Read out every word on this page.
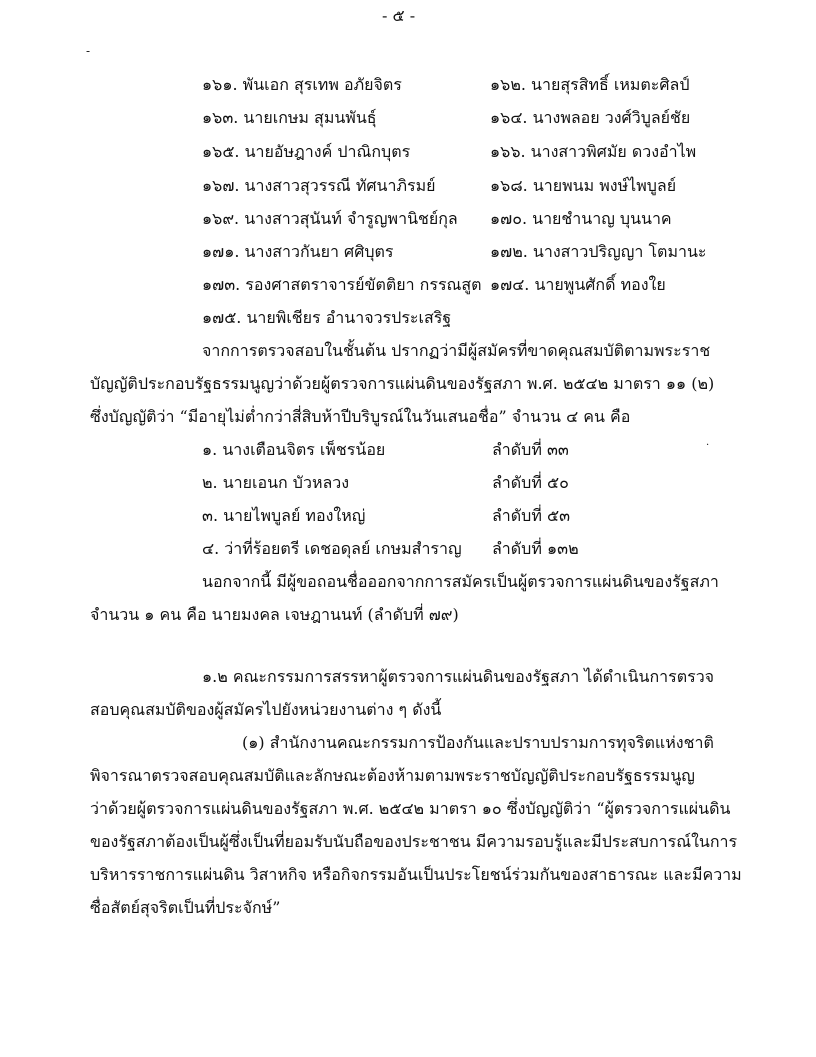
- ๕ -
-
.
๑๖๑. พันเอก สุรเทพ อภัยจิตร	๑๖๒. นายสุรสิทธิ์ เหมตะศิลป์
๑๖๓. นายเกษม สุมนพันธุ์	๑๖๔. นางพลอย วงศ์วิบูลย์ชัย
๑๖๕. นายอัษฎางค์ ปาณิกบุตร	๑๖๖. นางสาวพิศมัย ดวงอำไพ
๑๖๗. นางสาวสุวรรณี ทัศนาภิรมย์	๑๖๘. นายพนม พงษ์ไพบูลย์
๑๖๙. นางสาวสุนันท์ จำรูญพานิชย์กุล ๑๗๐. นายชำนาญ บุนนาค
๑๗๑. นางสาวกันยา ศศิบุตร	๑๗๒. นางสาวปริญญา โตมานะ
๑๗๓. รองศาสตราจารย์ขัตติยา กรรณสูต ๑๗๔. นายพูนศักดิ์ ทองใย
๑๗๕. นายพิเชียร อำนาจวรประเสริฐ
จากการตรวจสอบในชั้นต้น ปรากฏว่ามีผู้สมัครที่ขาดคุณสมบัติตามพระราช
บัญญัติประกอบรัฐธรรมนูญว่าด้วยผู้ตรวจการแผ่นดินของรัฐสภา พ.ศ. ๒๕๔๒ มาตรา ๑๑ (๒)
ซึ่งบัญญัติว่า “มีอายุไม่ต่ำกว่าสี่สิบห้าปีบริบูรณ์ในวันเสนอชื่อ” จำนวน ๔ คน คือ
๑. นางเตือนจิตร เพ็ชรน้อย	ลำดับที่ ๓๓
๒. นายเอนก บัวหลวง	ลำดับที่ ๕๐
๓. นายไพบูลย์ ทองใหญ่	ลำดับที่ ๕๓
๔. ว่าที่ร้อยตรี เดชอดุลย์ เกษมสำราญ ลำดับที่ ๑๓๒
นอกจากนี้ มีผู้ขอถอนชื่อออกจากการสมัครเป็นผู้ตรวจการแผ่นดินของรัฐสภา
จำนวน ๑ คน คือ นายมงคล เจษฎานนท์ (ลำดับที่ ๗๙)
๑.๒ คณะกรรมการสรรหาผู้ตรวจการแผ่นดินของรัฐสภา ได้ดำเนินการตรวจ
สอบคุณสมบัติของผู้สมัครไปยังหน่วยงานต่าง ๆ ดังนี้
(๑) สำนักงานคณะกรรมการป้องกันและปราบปรามการทุจริตแห่งชาติ
พิจารณาตรวจสอบคุณสมบัติและลักษณะต้องห้ามตามพระราชบัญญัติประกอบรัฐธรรมนูญ
ว่าด้วยผู้ตรวจการแผ่นดินของรัฐสภา พ.ศ. ๒๕๔๒ มาตรา ๑๐ ซึ่งบัญญัติว่า “ผู้ตรวจการแผ่นดิน
ของรัฐสภาต้องเป็นผู้ซึ่งเป็นที่ยอมรับนับถือของประชาชน มีความรอบรู้และมีประสบการณ์ในการ
บริหารราชการแผ่นดิน วิสาหกิจ หรือกิจกรรมอันเป็นประโยชน์ร่วมกันของสาธารณะ และมีความ
ซื่อสัตย์สุจริตเป็นที่ประจักษ์”
